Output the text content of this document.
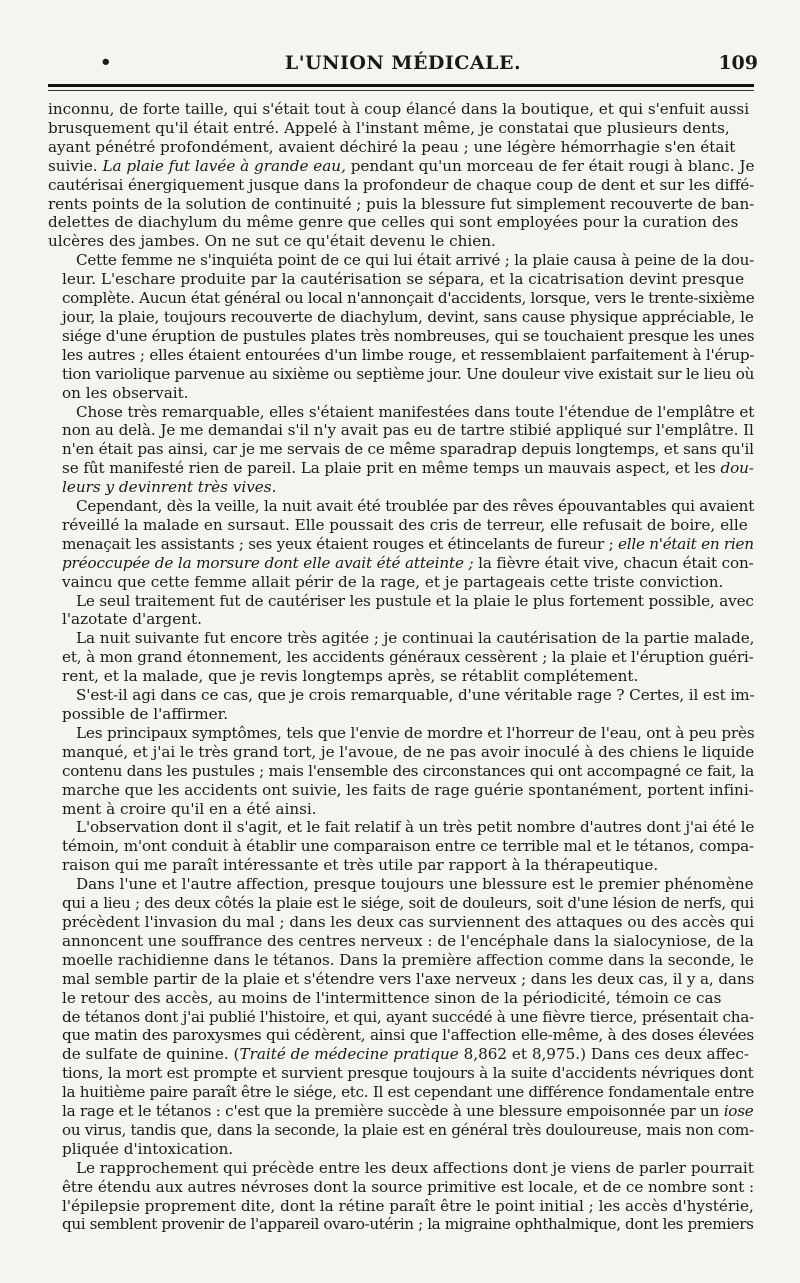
•	L'UNION MÉDICALE.	109

inconnu, de forte taille, qui s'était tout à coup élancé dans la boutique, et qui s'enfuit aussi
brusquement qu'il était entré. Appelé à l'instant même, je constatai que plusieurs dents,
ayant pénétré profondément, avaient déchiré la peau ; une légère hémorrhagie s'en était
suivie. La plaie fut lavée à grande eau, pendant qu'un morceau de fer était rougi à blanc. Je
cautérisai énergiquement jusque dans la profondeur de chaque coup de dent et sur les diffé-
rents points de la solution de continuité ; puis la blessure fut simplement recouverte de ban-
delettes de diachylum du même genre que celles qui sont employées pour la curation des
ulcères des jambes. On ne sut ce qu'était devenu le chien.

Cette femme ne s'inquiéta point de ce qui lui était arrivé ; la plaie causa à peine de la dou-
leur. L'eschare produite par la cautérisation se sépara, et la cicatrisation devint presque
complète. Aucun état général ou local n'annonçait d'accidents, lorsque, vers le trente-sixième
jour, la plaie, toujours recouverte de diachylum, devint, sans cause physique appréciable, le
siége d'une éruption de pustules plates très nombreuses, qui se touchaient presque les unes
les autres ; elles étaient entourées d'un limbe rouge, et ressemblaient parfaitement à l'érup-
tion variolique parvenue au sixième ou septième jour. Une douleur vive existait sur le lieu où
on les observait.

Chose très remarquable, elles s'étaient manifestées dans toute l'étendue de l'emplâtre et
non au delà. Je me demandai s'il n'y avait pas eu de tartre stibié appliqué sur l'emplâtre. Il
n'en était pas ainsi, car je me servais de ce même sparadrap depuis longtemps, et sans qu'il
se fût manifesté rien de pareil. La plaie prit en même temps un mauvais aspect, et les dou-
leurs y devinrent très vives.

Cependant, dès la veille, la nuit avait été troublée par des rêves épouvantables qui avaient
réveillé la malade en sursaut. Elle poussait des cris de terreur, elle refusait de boire, elle
menaçait les assistants ; ses yeux étaient rouges et étincelants de fureur ; elle n'était en rien
préoccupée de la morsure dont elle avait été atteinte ; la fièvre était vive, chacun était con-
vaincu que cette femme allait périr de la rage, et je partageais cette triste conviction.

Le seul traitement fut de cautériser les pustule et la plaie le plus fortement possible, avec
l'azotate d'argent.

La nuit suivante fut encore très agitée ; je continuai la cautérisation de la partie malade,
et, à mon grand étonnement, les accidents généraux cessèrent ; la plaie et l'éruption guéri-
rent, et la malade, que je revis longtemps après, se rétablit complétement.

S'est-il agi dans ce cas, que je crois remarquable, d'une véritable rage ? Certes, il est im-
possible de l'affirmer.

Les principaux symptômes, tels que l'envie de mordre et l'horreur de l'eau, ont à peu près
manqué, et j'ai le très grand tort, je l'avoue, de ne pas avoir inoculé à des chiens le liquide
contenu dans les pustules ; mais l'ensemble des circonstances qui ont accompagné ce fait, la
marche que les accidents ont suivie, les faits de rage guérie spontanément, portent infini-
ment à croire qu'il en a été ainsi.

L'observation dont il s'agit, et le fait relatif à un très petit nombre d'autres dont j'ai été le
témoin, m'ont conduit à établir une comparaison entre ce terrible mal et le tétanos, compa-
raison qui me paraît intéressante et très utile par rapport à la thérapeutique.

Dans l'une et l'autre affection, presque toujours une blessure est le premier phénomène
qui a lieu ; des deux côtés la plaie est le siége, soit de douleurs, soit d'une lésion de nerfs, qui
précèdent l'invasion du mal ; dans les deux cas surviennent des attaques ou des accès qui
annoncent une souffrance des centres nerveux : de l'encéphale dans la sialocyniose, de la
moelle rachidienne dans le tétanos. Dans la première affection comme dans la seconde, le
mal semble partir de la plaie et s'étendre vers l'axe nerveux ; dans les deux cas, il y a, dans
le retour des accès, au moins de l'intermittence sinon de la périodicité, témoin ce cas
de tétanos dont j'ai publié l'histoire, et qui, ayant succédé à une fièvre tierce, présentait cha-
que matin des paroxysmes qui cédèrent, ainsi que l'affection elle-même, à des doses élevées
de sulfate de quinine. (Traité de médecine pratique 8,862 et 8,975.) Dans ces deux affec-
tions, la mort est prompte et survient presque toujours à la suite d'accidents névriques dont
la huitième paire paraît être le siége, etc. Il est cependant une différence fondamentale entre
la rage et le tétanos : c'est que la première succède à une blessure empoisonnée par un iose
ou virus, tandis que, dans la seconde, la plaie est en général très douloureuse, mais non com-
pliquée d'intoxication.

Le rapprochement qui précède entre les deux affections dont je viens de parler pourrait
être étendu aux autres névroses dont la source primitive est locale, et de ce nombre sont :
l'épilepsie proprement dite, dont la rétine paraît être le point initial ; les accès d'hystérie,
qui semblent provenir de l'appareil ovaro-utérin ; la migraine ophthalmique, dont les premiers
